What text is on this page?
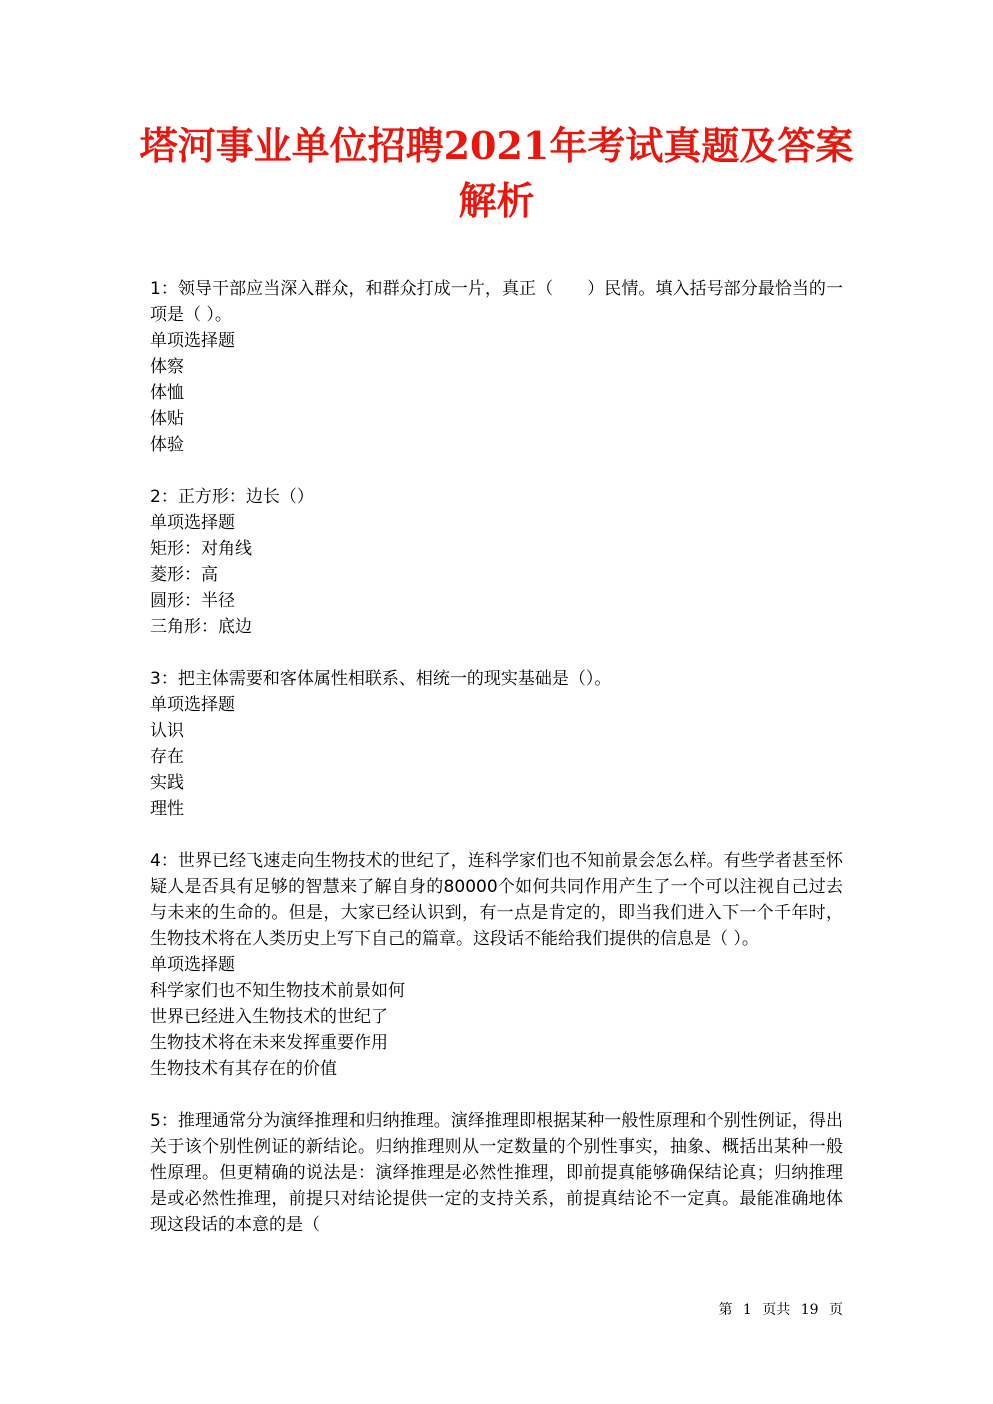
塔河事业单位招聘2021年考试真题及答案
解析

1：领导干部应当深入群众，和群众打成一片，真正（　　）民情。填入括号部分最恰当的一项是（ ）。

单项选择题

体察

体恤

体贴

体验

2：正方形：边长（）

单项选择题

矩形：对角线

菱形：高

圆形：半径

三角形：底边

3：把主体需要和客体属性相联系、相统一的现实基础是（）。

单项选择题

认识

存在

实践

理性

4：世界已经飞速走向生物技术的世纪了，连科学家们也不知前景会怎么样。有些学者甚至怀疑人是否具有足够的智慧来了解自身的80000个如何共同作用产生了一个可以注视自己过去与未来的生命的。但是，大家已经认识到，有一点是肯定的，即当我们进入下一个千年时，生物技术将在人类历史上写下自己的篇章。这段话不能给我们提供的信息是（ ）。

单项选择题

科学家们也不知生物技术前景如何

世界已经进入生物技术的世纪了

生物技术将在未来发挥重要作用

生物技术有其存在的价值

5：推理通常分为演绎推理和归纳推理。演绎推理即根据某种一般性原理和个别性例证，得出关于该个别性例证的新结论。归纳推理则从一定数量的个别性事实，抽象、概括出某种一般性原理。但更精确的说法是：演绎推理是必然性推理，即前提真能够确保结论真；归纳推理是或必然性推理，前提只对结论提供一定的支持关系，前提真结论不一定真。最能准确地体现这段话的本意的是（

第 1 页共 19 页
